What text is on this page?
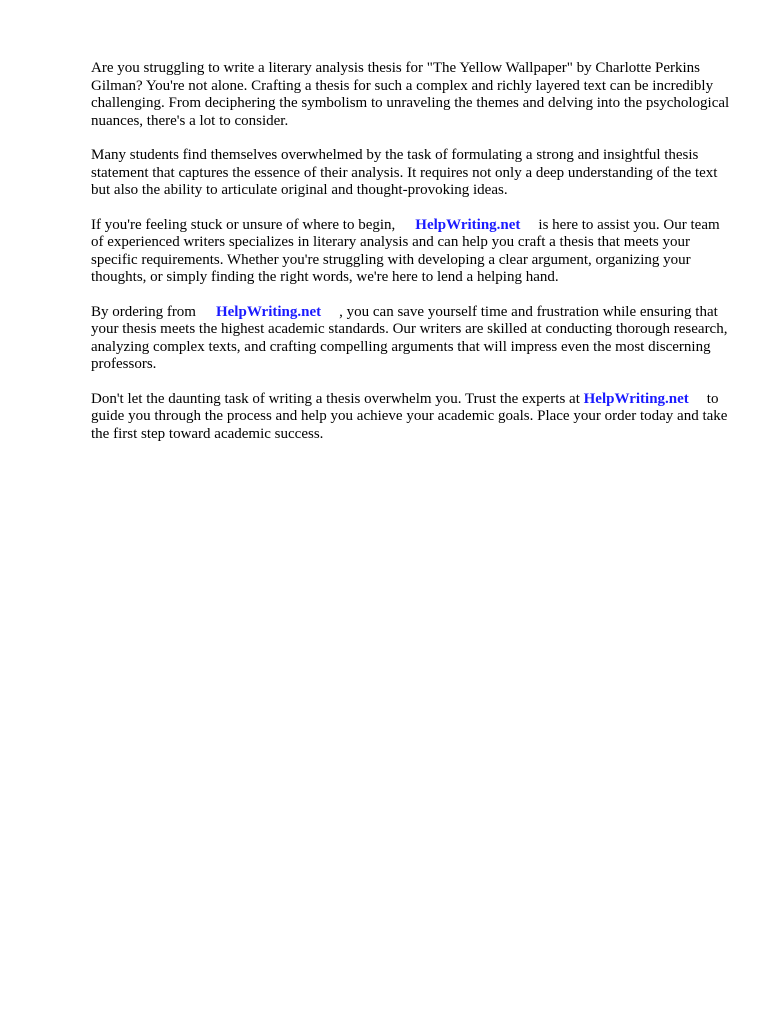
Are you struggling to write a literary analysis thesis for "The Yellow Wallpaper" by Charlotte Perkins Gilman? You're not alone. Crafting a thesis for such a complex and richly layered text can be incredibly challenging. From deciphering the symbolism to unraveling the themes and delving into the psychological nuances, there's a lot to consider.

Many students find themselves overwhelmed by the task of formulating a strong and insightful thesis statement that captures the essence of their analysis. It requires not only a deep understanding of the text but also the ability to articulate original and thought-provoking ideas.

If you're feeling stuck or unsure of where to begin, HelpWriting.net is here to assist you. Our team of experienced writers specializes in literary analysis and can help you craft a thesis that meets your specific requirements. Whether you're struggling with developing a clear argument, organizing your thoughts, or simply finding the right words, we're here to lend a helping hand.

By ordering from HelpWriting.net , you can save yourself time and frustration while ensuring that your thesis meets the highest academic standards. Our writers are skilled at conducting thorough research, analyzing complex texts, and crafting compelling arguments that will impress even the most discerning professors.

Don't let the daunting task of writing a thesis overwhelm you. Trust the experts at HelpWriting.net to guide you through the process and help you achieve your academic goals. Place your order today and take the first step toward academic success.
